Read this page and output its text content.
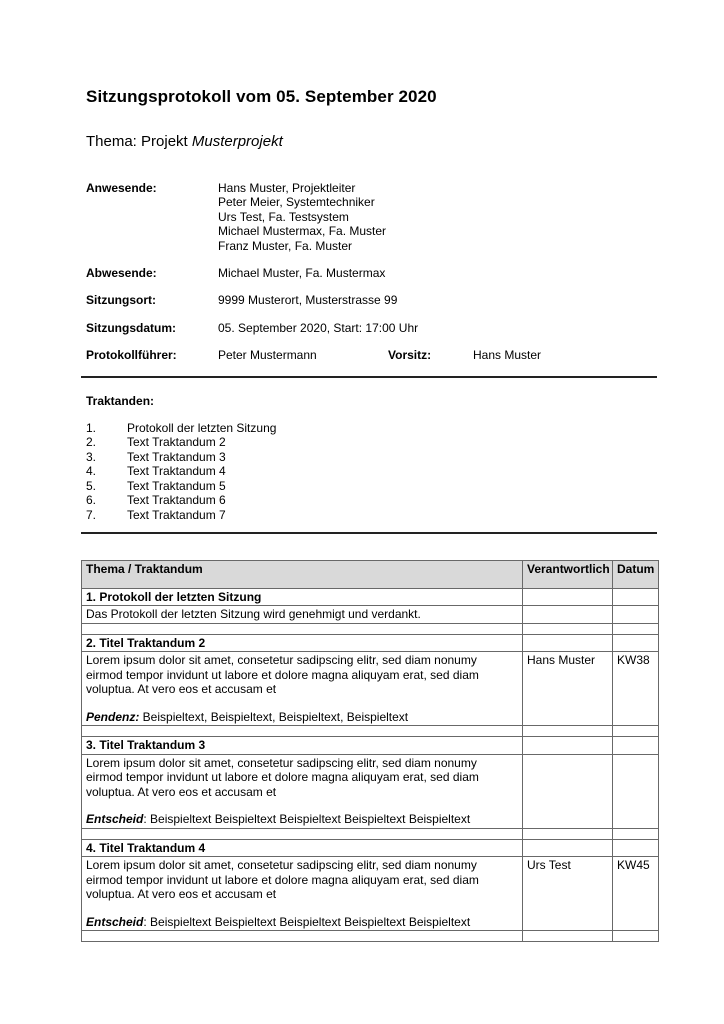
Sitzungsprotokoll vom 05. September 2020

Thema: Projekt Musterprojekt

Anwesende:	Hans Muster, Projektleiter
Peter Meier, Systemtechniker
Urs Test, Fa. Testsystem
Michael Mustermax, Fa. Muster
Franz Muster, Fa. Muster
Abwesende:	Michael Muster, Fa. Mustermax
Sitzungsort:	9999 Musterort, Musterstrasse 99
Sitzungsdatum:	05. September 2020, Start: 17:00 Uhr
Protokollführer:	Peter Mustermann	Vorsitz:	Hans Muster
Traktanden:
1.	Protokoll der letzten Sitzung
2.	Text Traktandum 2
3.	Text Traktandum 3
4.	Text Traktandum 4
5.	Text Traktandum 5
6.	Text Traktandum 6
7.	Text Traktandum 7
Thema / Traktandum	Verantwortlich	Datum
1. Protokoll der letzten Sitzung		

Das Protokoll der letzten Sitzung wird genehmigt und verdankt.		

2. Titel Traktandum 2		

Lorem ipsum dolor sit amet, consetetur sadipscing elitr, sed diam nonumy eirmod tempor invidunt ut labore et dolore magna aliquyam erat, sed diam voluptua. At vero eos et accusam et
Pendenz: Beispieltext, Beispieltext, Beispieltext, Beispieltext	Hans Muster	KW38

3. Titel Traktandum 3		

Lorem ipsum dolor sit amet, consetetur sadipscing elitr, sed diam nonumy eirmod tempor invidunt ut labore et dolore magna aliquyam erat, sed diam voluptua. At vero eos et accusam et
Entscheid: Beispieltext Beispieltext Beispieltext Beispieltext Beispieltext		

4. Titel Traktandum 4		

Lorem ipsum dolor sit amet, consetetur sadipscing elitr, sed diam nonumy eirmod tempor invidunt ut labore et dolore magna aliquyam erat, sed diam voluptua. At vero eos et accusam et
Entscheid: Beispieltext Beispieltext Beispieltext Beispieltext Beispieltext	Urs Test	KW45
